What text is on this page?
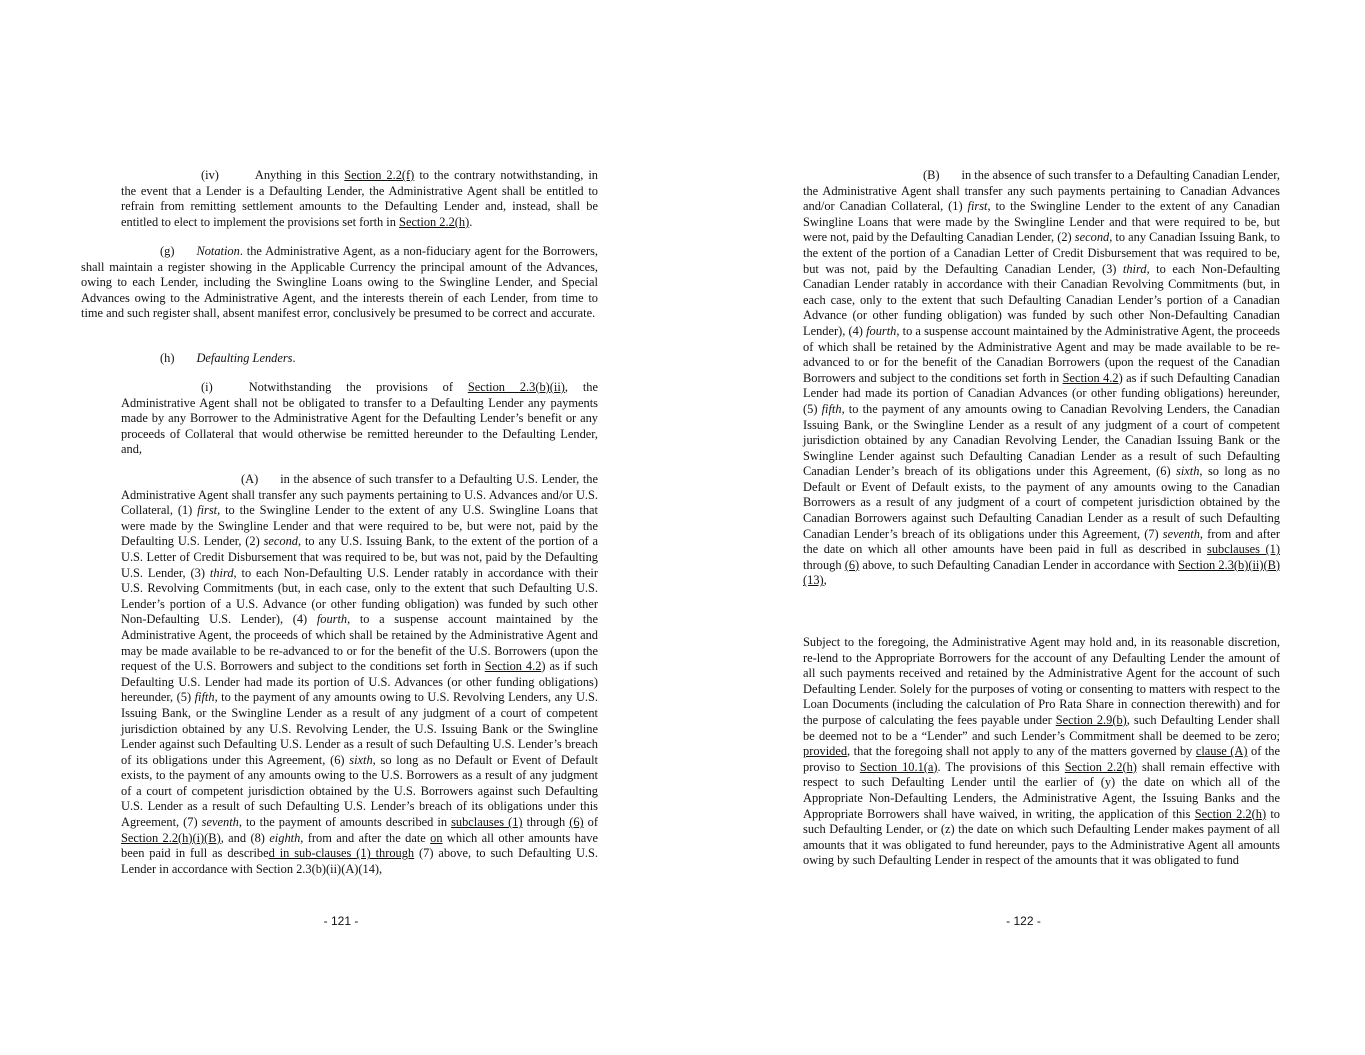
(iv)	Anything in this Section 2.2(f) to the contrary notwithstanding, in the event that a Lender is a Defaulting Lender, the Administrative Agent shall be entitled to refrain from remitting settlement amounts to the Defaulting Lender and, instead, shall be entitled to elect to implement the provisions set forth in Section 2.2(h).

(g) Notation. the Administrative Agent, as a non-fiduciary agent for the Borrowers, shall maintain a register showing in the Applicable Currency the principal amount of the Advances, owing to each Lender, including the Swingline Loans owing to the Swingline Lender, and Special Advances owing to the Administrative Agent, and the interests therein of each Lender, from time to time and such register shall, absent manifest error, conclusively be presumed to be correct and accurate.

(h) Defaulting Lenders.

(i)	Notwithstanding the provisions of Section 2.3(b)(ii), the Administrative Agent shall not be obligated to transfer to a Defaulting Lender any payments made by any Borrower to the Administrative Agent for the Defaulting Lender’s benefit or any proceeds of Collateral that would otherwise be remitted hereunder to the Defaulting Lender, and,

(A) in the absence of such transfer to a Defaulting U.S. Lender, the Administrative Agent shall transfer any such payments pertaining to U.S. Advances and/or U.S. Collateral, (1) first, to the Swingline Lender to the extent of any U.S. Swingline Loans that were made by the Swingline Lender and that were required to be, but were not, paid by the Defaulting U.S. Lender, (2) second, to any U.S. Issuing Bank, to the extent of the portion of a U.S. Letter of Credit Disbursement that was required to be, but was not, paid by the Defaulting U.S. Lender, (3) third, to each Non-Defaulting U.S. Lender ratably in accordance with their U.S. Revolving Commitments (but, in each case, only to the extent that such Defaulting U.S. Lender’s portion of a U.S. Advance (or other funding obligation) was funded by such other Non-Defaulting U.S. Lender), (4) fourth, to a suspense account maintained by the Administrative Agent, the proceeds of which shall be retained by the Administrative Agent and may be made available to be re-advanced to or for the benefit of the U.S. Borrowers (upon the request of the U.S. Borrowers and subject to the conditions set forth in Section 4.2) as if such Defaulting U.S. Lender had made its portion of U.S. Advances (or other funding obligations) hereunder, (5) fifth, to the payment of any amounts owing to U.S. Revolving Lenders, any U.S. Issuing Bank, or the Swingline Lender as a result of any judgment of a court of competent jurisdiction obtained by any U.S. Revolving Lender, the U.S. Issuing Bank or the Swingline Lender against such Defaulting U.S. Lender as a result of such Defaulting U.S. Lender’s breach of its obligations under this Agreement, (6) sixth, so long as no Default or Event of Default exists, to the payment of any amounts owing to the U.S. Borrowers as a result of any judgment of a court of competent jurisdiction obtained by the U.S. Borrowers against such Defaulting U.S. Lender as a result of such Defaulting U.S. Lender’s breach of its obligations under this Agreement, (7) seventh, to the payment of amounts described in subclauses (1) through (6) of Section 2.2(h)(i)(B), and (8) eighth, from and after the date on which all other amounts have been paid in full as described in sub-clauses (1) through (7) above, to such Defaulting U.S. Lender in accordance with Section 2.3(b)(ii)(A)(14),

- 121 -

(B) in the absence of such transfer to a Defaulting Canadian Lender, the Administrative Agent shall transfer any such payments pertaining to Canadian Advances and/or Canadian Collateral, (1) first, to the Swingline Lender to the extent of any Canadian Swingline Loans that were made by the Swingline Lender and that were required to be, but were not, paid by the Defaulting Canadian Lender, (2) second, to any Canadian Issuing Bank, to the extent of the portion of a Canadian Letter of Credit Disbursement that was required to be, but was not, paid by the Defaulting Canadian Lender, (3) third, to each Non-Defaulting Canadian Lender ratably in accordance with their Canadian Revolving Commitments (but, in each case, only to the extent that such Defaulting Canadian Lender’s portion of a Canadian Advance (or other funding obligation) was funded by such other Non-Defaulting Canadian Lender), (4) fourth, to a suspense account maintained by the Administrative Agent, the proceeds of which shall be retained by the Administrative Agent and may be made available to be re-advanced to or for the benefit of the Canadian Borrowers (upon the request of the Canadian Borrowers and subject to the conditions set forth in Section 4.2) as if such Defaulting Canadian Lender had made its portion of Canadian Advances (or other funding obligations) hereunder, (5) fifth, to the payment of any amounts owing to Canadian Revolving Lenders, the Canadian Issuing Bank, or the Swingline Lender as a result of any judgment of a court of competent jurisdiction obtained by any Canadian Revolving Lender, the Canadian Issuing Bank or the Swingline Lender against such Defaulting Canadian Lender as a result of such Defaulting Canadian Lender’s breach of its obligations under this Agreement, (6) sixth, so long as no Default or Event of Default exists, to the payment of any amounts owing to the Canadian Borrowers as a result of any judgment of a court of competent jurisdiction obtained by the Canadian Borrowers against such Defaulting Canadian Lender as a result of such Defaulting Canadian Lender’s breach of its obligations under this Agreement, (7) seventh, from and after the date on which all other amounts have been paid in full as described in subclauses (1) through (6) above, to such Defaulting Canadian Lender in accordance with Section 2.3(b)(ii)(B)(13),

Subject to the foregoing, the Administrative Agent may hold and, in its reasonable discretion, re-lend to the Appropriate Borrowers for the account of any Defaulting Lender the amount of all such payments received and retained by the Administrative Agent for the account of such Defaulting Lender. Solely for the purposes of voting or consenting to matters with respect to the Loan Documents (including the calculation of Pro Rata Share in connection therewith) and for the purpose of calculating the fees payable under Section 2.9(b), such Defaulting Lender shall be deemed not to be a “Lender” and such Lender’s Commitment shall be deemed to be zero; provided, that the foregoing shall not apply to any of the matters governed by clause (A) of the proviso to Section 10.1(a). The provisions of this Section 2.2(h) shall remain effective with respect to such Defaulting Lender until the earlier of (y) the date on which all of the Appropriate Non-Defaulting Lenders, the Administrative Agent, the Issuing Banks and the Appropriate Borrowers shall have waived, in writing, the application of this Section 2.2(h) to such Defaulting Lender, or (z) the date on which such Defaulting Lender makes payment of all amounts that it was obligated to fund hereunder, pays to the Administrative Agent all amounts owing by such Defaulting Lender in respect of the amounts that it was obligated to fund

- 122 -
